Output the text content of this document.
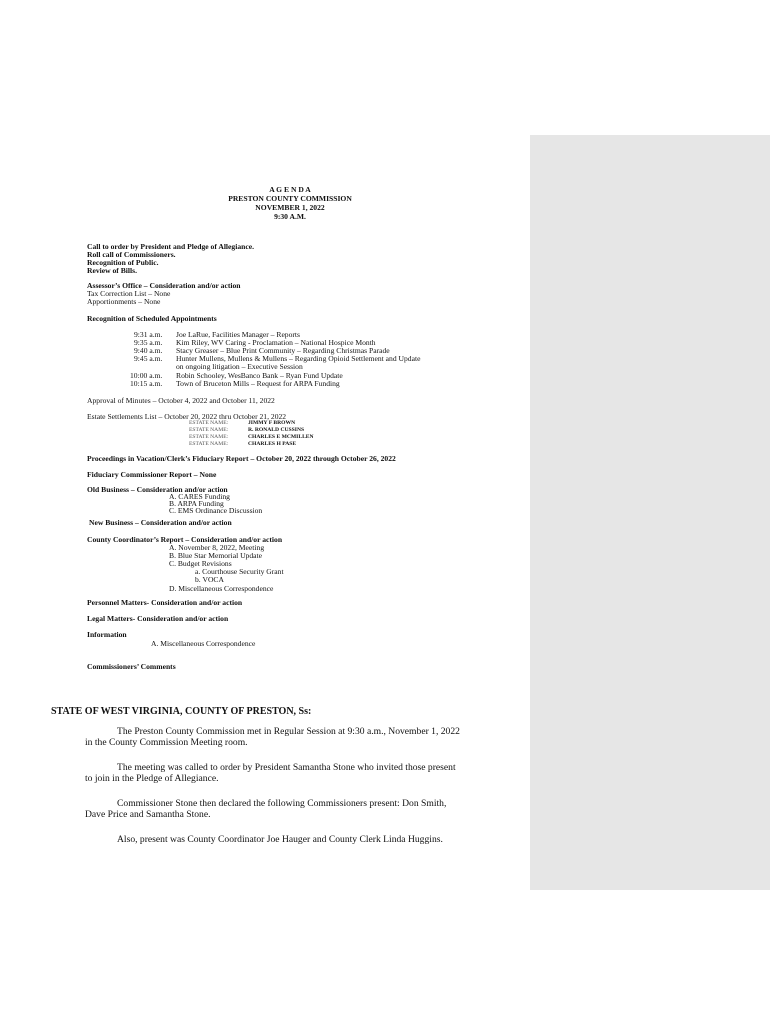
A G E N D A
PRESTON COUNTY COMMISSION
NOVEMBER 1, 2022
9:30 A.M.
Call to order by President and Pledge of Allegiance.
Roll call of Commissioners.
Recognition of Public.
Review of Bills.
Assessor’s Office – Consideration and/or action
Tax Correction List – None
Apportionments – None
Recognition of Scheduled Appointments
9:31 a.m. Joe LaRue, Facilities Manager – Reports
9:35 a.m. Kim Riley, WV Caring - Proclamation – National Hospice Month
9:40 a.m. Stacy Greaser – Blue Print Community – Regarding Christmas Parade
9:45 a.m. Hunter Mullens, Mullens & Mullens – Regarding Opioid Settlement and Update
on ongoing litigation – Executive Session
10:00 a.m. Robin Schooley, WesBanco Bank – Ryan Fund Update
10:15 a.m. Town of Bruceton Mills – Request for ARPA Funding
Approval of Minutes – October 4, 2022 and October 11, 2022
Estate Settlements List – October 20, 2022 thru October 21, 2022
ESTATE NAME:	JIMMY F BROWN
ESTATE NAME:	R. RONALD CUSSINS
ESTATE NAME:	CHARLES E MCMILLEN
ESTATE NAME:	CHARLES H PASE
Proceedings in Vacation/Clerk’s Fiduciary Report – October 20, 2022 through October 26, 2022
Fiduciary Commissioner Report – None
Old Business – Consideration and/or action
A. CARES Funding
B. ARPA Funding
C. EMS Ordinance Discussion
New Business – Consideration and/or action
County Coordinator’s Report – Consideration and/or action
A. November 8, 2022, Meeting
B. Blue Star Memorial Update
C. Budget Revisions
a. Courthouse Security Grant
b. VOCA
D. Miscellaneous Correspondence
Personnel Matters- Consideration and/or action
Legal Matters- Consideration and/or action
Information
A. Miscellaneous Correspondence
Commissioners’ Comments
STATE OF WEST VIRGINIA, COUNTY OF PRESTON, Ss:
The Preston County Commission met in Regular Session at 9:30 a.m., November 1, 2022
in the County Commission Meeting room.
The meeting was called to order by President Samantha Stone who invited those present
to join in the Pledge of Allegiance.
Commissioner Stone then declared the following Commissioners present: Don Smith,
Dave Price and Samantha Stone.
Also, present was County Coordinator Joe Hauger and County Clerk Linda Huggins.
